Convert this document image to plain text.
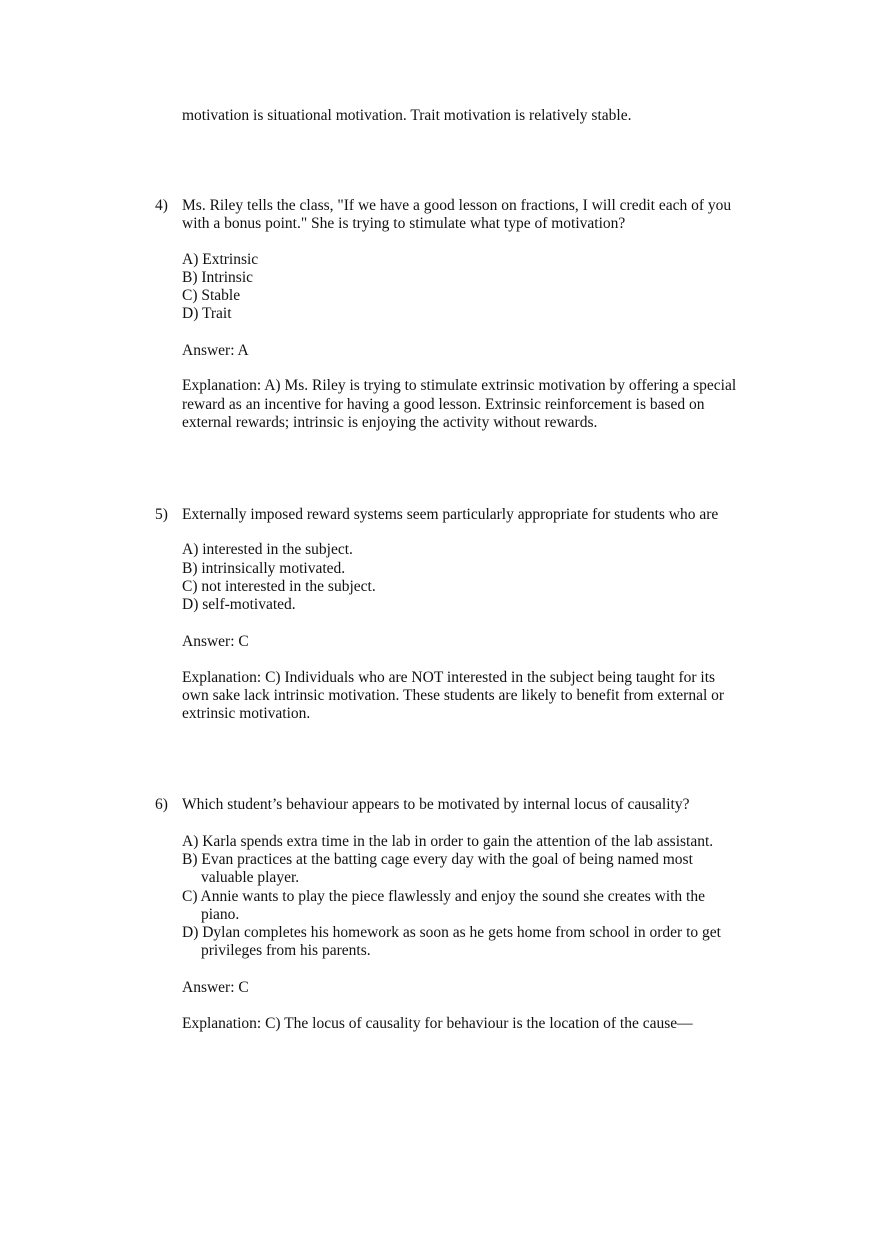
motivation is situational motivation. Trait motivation is relatively stable.
4) Ms. Riley tells the class, "If we have a good lesson on fractions, I will credit each of you
with a bonus point." She is trying to stimulate what type of motivation?
A) Extrinsic
B) Intrinsic
C) Stable
D) Trait
Answer: A
Explanation: A) Ms. Riley is trying to stimulate extrinsic motivation by offering a special
reward as an incentive for having a good lesson. Extrinsic reinforcement is based on
external rewards; intrinsic is enjoying the activity without rewards.
5) Externally imposed reward systems seem particularly appropriate for students who are
A) interested in the subject.
B) intrinsically motivated.
C) not interested in the subject.
D) self-motivated.
Answer: C
Explanation: C) Individuals who are NOT interested in the subject being taught for its
own sake lack intrinsic motivation. These students are likely to benefit from external or
extrinsic motivation.
6) Which student’s behaviour appears to be motivated by internal locus of causality?
A) Karla spends extra time in the lab in order to gain the attention of the lab assistant.
B) Evan practices at the batting cage every day with the goal of being named most
valuable player.
C) Annie wants to play the piece flawlessly and enjoy the sound she creates with the
piano.
D) Dylan completes his homework as soon as he gets home from school in order to get
privileges from his parents.
Answer: C
Explanation: C) The locus of causality for behaviour is the location of the cause—
